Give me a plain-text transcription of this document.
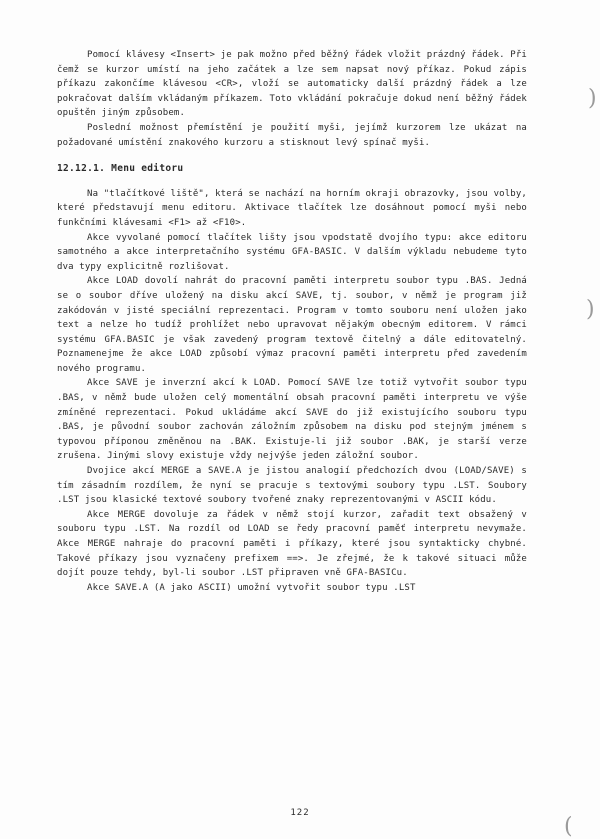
Pomocí klávesy <Insert> je pak možno před běžný řádek vložit prázdný řádek. Při čemž se kurzor umístí na jeho začátek a lze sem napsat nový příkaz. Pokud zápis příkazu zakončíme klávesou <CR>, vloží se automaticky další prázdný řádek a lze pokračovat dalším vkládaným příkazem. Toto vkládání pokračuje dokud není běžný řádek opuštěn jiným způsobem.

Poslední možnost přemístění je použití myši, jejímž kurzorem lze ukázat na požadované umístění znakového kurzoru a stisknout levý spínač myši.

12.12.1. Menu editoru

Na "tlačítkové liště", která se nachází na horním okraji obrazovky, jsou volby, které představují menu editoru. Aktivace tlačítek lze dosáhnout pomocí myši nebo funkčními klávesami <F1> až <F10>.

Akce vyvolané pomocí tlačítek lišty jsou vpodstatě dvojího typu: akce editoru samotného a akce interpretačního systému GFA-BASIC. V dalším výkladu nebudeme tyto dva typy explicitně rozlišovat.

Akce LOAD dovolí nahrát do pracovní paměti interpretu soubor typu .BAS. Jedná se o soubor dříve uložený na disku akcí SAVE, tj. soubor, v němž je program již zakódován v jisté speciální reprezentaci. Program v tomto souboru není uložen jako text a nelze ho tudíž prohlížet nebo upravovat nějakým obecným editorem. V rámci systému GFA.BASIC je však zavedený program textově čitelný a dále editovatelný. Poznamenejme že akce LOAD způsobí výmaz pracovní paměti interpretu před zavedením nového programu.

Akce SAVE je inverzní akcí k LOAD. Pomocí SAVE lze totiž vytvořit soubor typu .BAS, v němž bude uložen celý momentální obsah pracovní paměti interpretu ve výše zmíněné reprezentaci. Pokud ukládáme akcí SAVE do již existujícího souboru typu .BAS, je původní soubor zachován záložním způsobem na disku pod stejným jménem s typovou příponou změněnou na .BAK. Existuje-li již soubor .BAK, je starší verze zrušena. Jinými slovy existuje vždy nejvýše jeden záložní soubor.

Dvojice akcí MERGE a SAVE.A je jistou analogií předchozích dvou (LOAD/SAVE) s tím zásadním rozdílem, že nyní se pracuje s textovými soubory typu .LST. Soubory .LST jsou klasické textové soubory tvořené znaky reprezentovanými v ASCII kódu.

Akce MERGE dovoluje za řádek v němž stojí kurzor, zařadit text obsažený v souboru typu .LST. Na rozdíl od LOAD se ředy pracovní paměť interpretu nevymaže. Akce MERGE nahraje do pracovní paměti i příkazy, které jsou syntakticky chybné. Takové příkazy jsou vyznačeny prefixem ==>. Je zřejmé, že k takové situaci může dojít pouze tehdy, byl-li soubor .LST připraven vně GFA-BASICu.

Akce SAVE.A (A jako ASCII) umožní vytvořit soubor typu .LST

122
)
)
(
